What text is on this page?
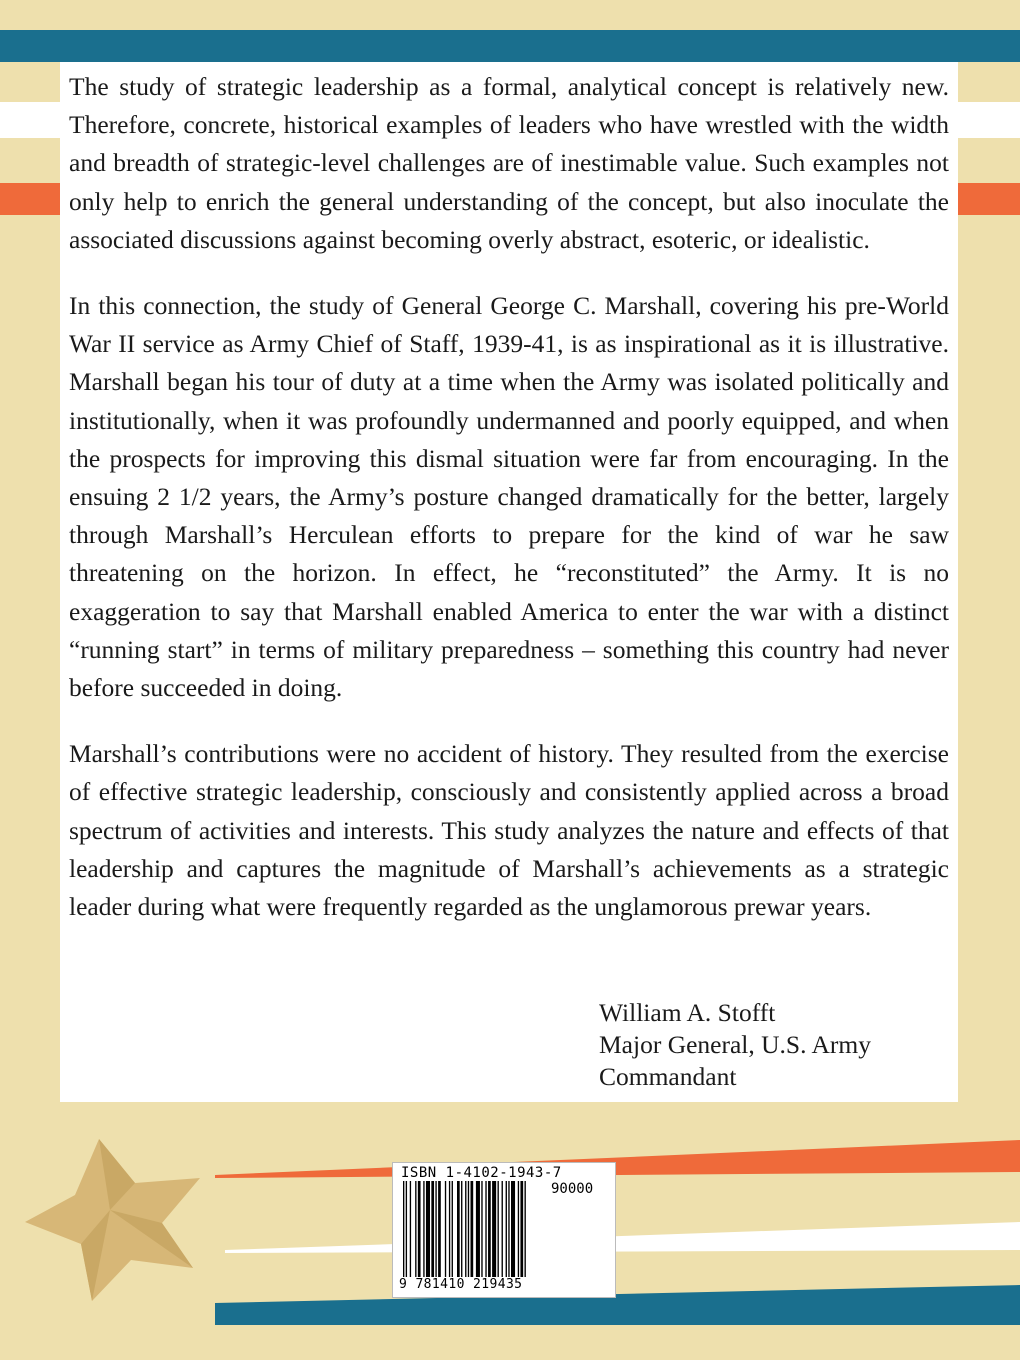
The study of strategic leadership as a formal, analytical concept is relatively new. Therefore, concrete, historical examples of leaders who have wrestled with the width and breadth of strategic-level challenges are of inestimable value. Such examples not only help to enrich the general understanding of the concept, but also inoculate the associated discussions against becoming overly abstract, esoteric, or idealistic.

In this connection, the study of General George C. Marshall, covering his pre-World War II service as Army Chief of Staff, 1939-41, is as inspirational as it is illustrative. Marshall began his tour of duty at a time when the Army was isolated politically and institutionally, when it was profoundly undermanned and poorly equipped, and when the prospects for improving this dismal situation were far from encouraging. In the ensuing 2 1/2 years, the Army’s posture changed dramatically for the better, largely through Marshall’s Herculean efforts to prepare for the kind of war he saw threatening on the horizon. In effect, he “reconstituted” the Army. It is no exaggeration to say that Marshall enabled America to enter the war with a distinct “running start” in terms of military preparedness – something this country had never before succeeded in doing.

Marshall’s contributions were no accident of history. They resulted from the exercise of effective strategic leadership, consciously and consistently applied across a broad spectrum of activities and interests. This study analyzes the nature and effects of that leadership and captures the magnitude of Marshall’s achievements as a strategic leader during what were frequently regarded as the unglamorous prewar years.

William A. Stofft
Major General, U.S. Army
Commandant
ISBN 1-4102-1943-7
90000
9 781410 219435
